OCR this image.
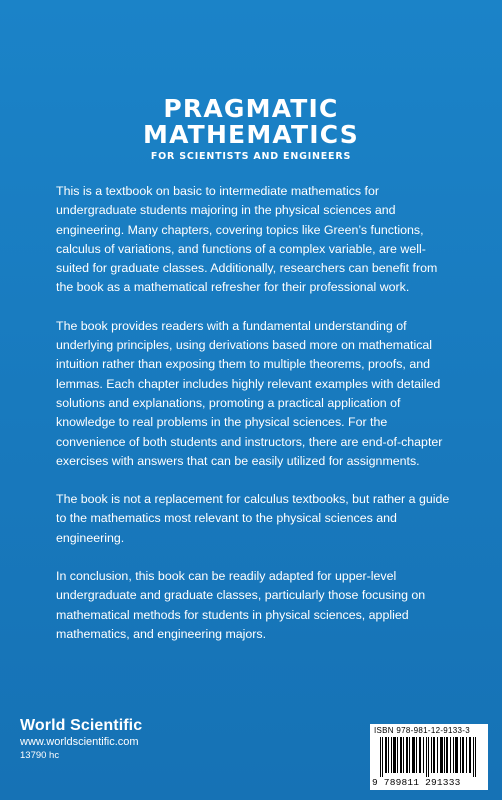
PRAGMATIC
MATHEMATICS
FOR SCIENTISTS AND ENGINEERS

This is a textbook on basic to intermediate mathematics for undergraduate students majoring in the physical sciences and engineering. Many chapters, covering topics like Green’s functions, calculus of variations, and functions of a complex variable, are well-suited for graduate classes. Additionally, researchers can benefit from the book as a mathematical refresher for their professional work.

The book provides readers with a fundamental understanding of underlying principles, using derivations based more on mathematical intuition rather than exposing them to multiple theorems, proofs, and lemmas. Each chapter includes highly relevant examples with detailed solutions and explanations, promoting a practical application of knowledge to real problems in the physical sciences. For the convenience of both students and instructors, there are end-of-chapter exercises with answers that can be easily utilized for assignments.

The book is not a replacement for calculus textbooks, but rather a guide to the mathematics most relevant to the physical sciences and engineering.

In conclusion, this book can be readily adapted for upper-level undergraduate and graduate classes, particularly those focusing on mathematical methods for students in physical sciences, applied mathematics, and engineering majors.

World Scientific
www.worldscientific.com
13790 hc
ISBN 978-981-12-9133-3
9 789811 291333
